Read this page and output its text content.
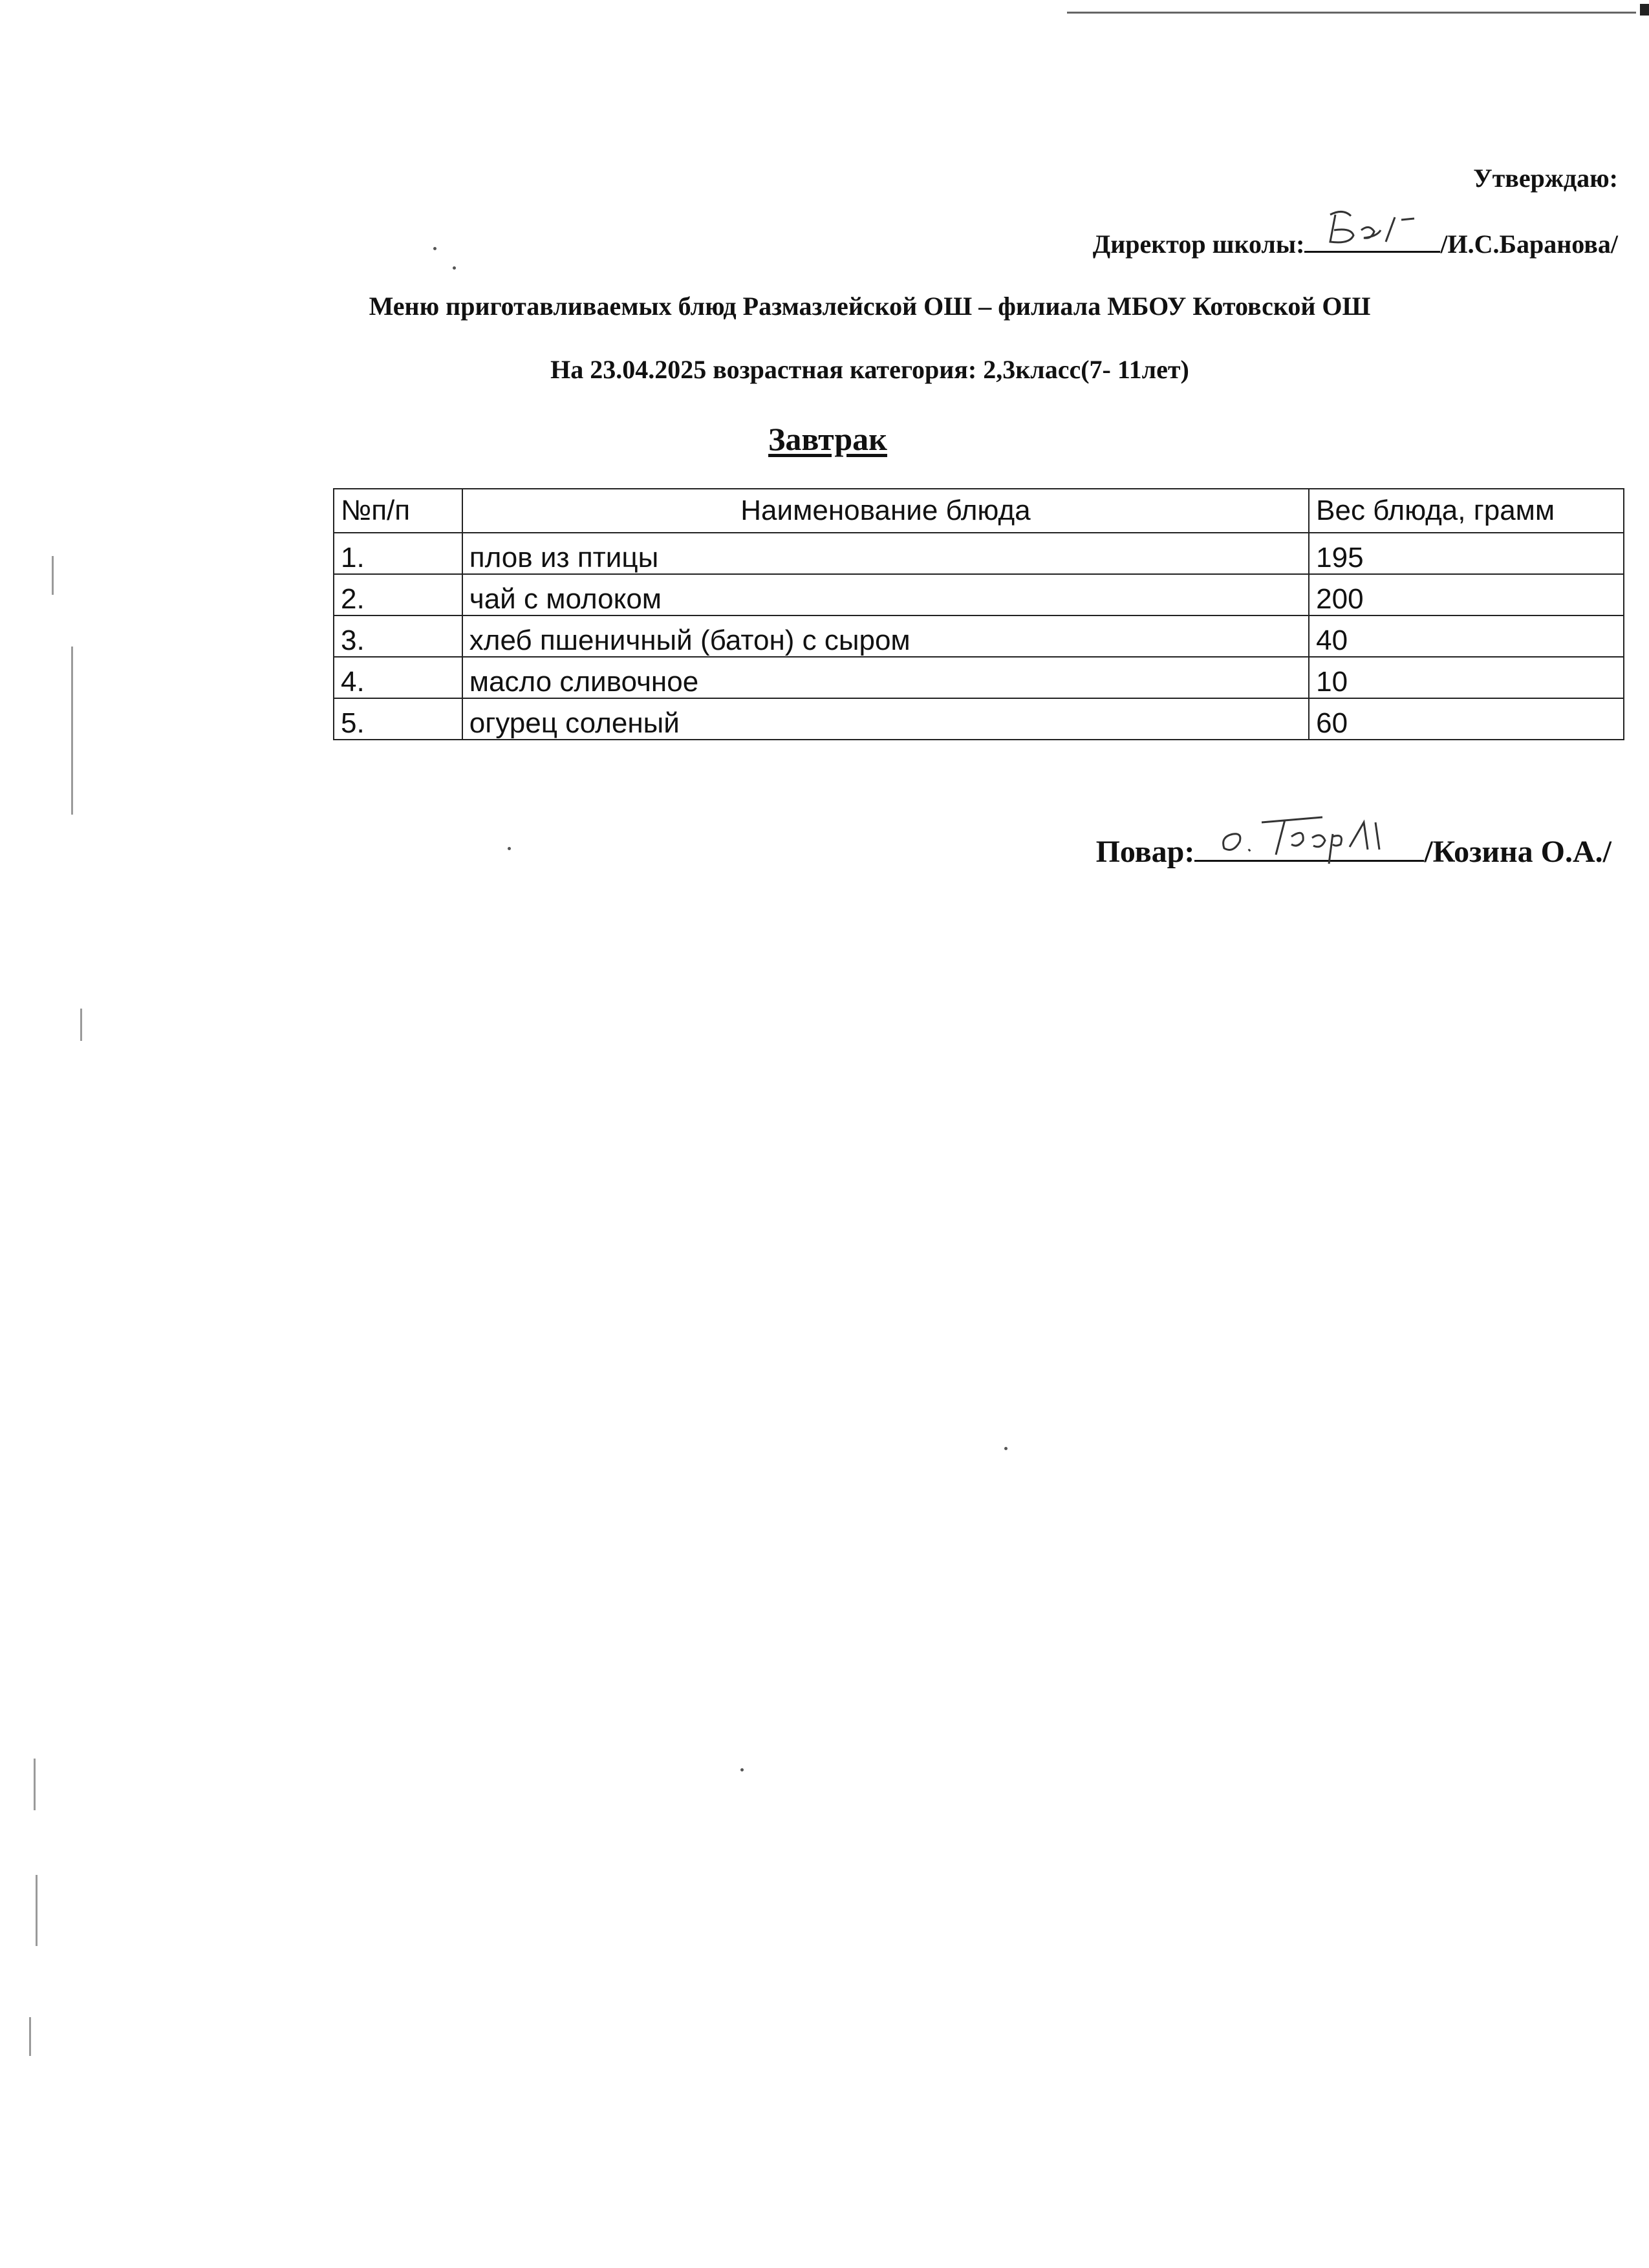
Утверждаю:
Директор школы:	/И.С.Баранова/
Меню приготавливаемых блюд Размазлейской ОШ – филиала МБОУ Котовской ОШ
На 23.04.2025 возрастная категория: 2,3класс(7- 11лет)
Завтрак
№п/п	Наименование блюда	Вес блюда, грамм
1.	плов из птицы	195
2.	чай с молоком	200
3.	хлеб пшеничный (батон) с сыром	40
4.	масло сливочное	10
5.	огурец соленый	60
Повар:	/Козина О.А./
